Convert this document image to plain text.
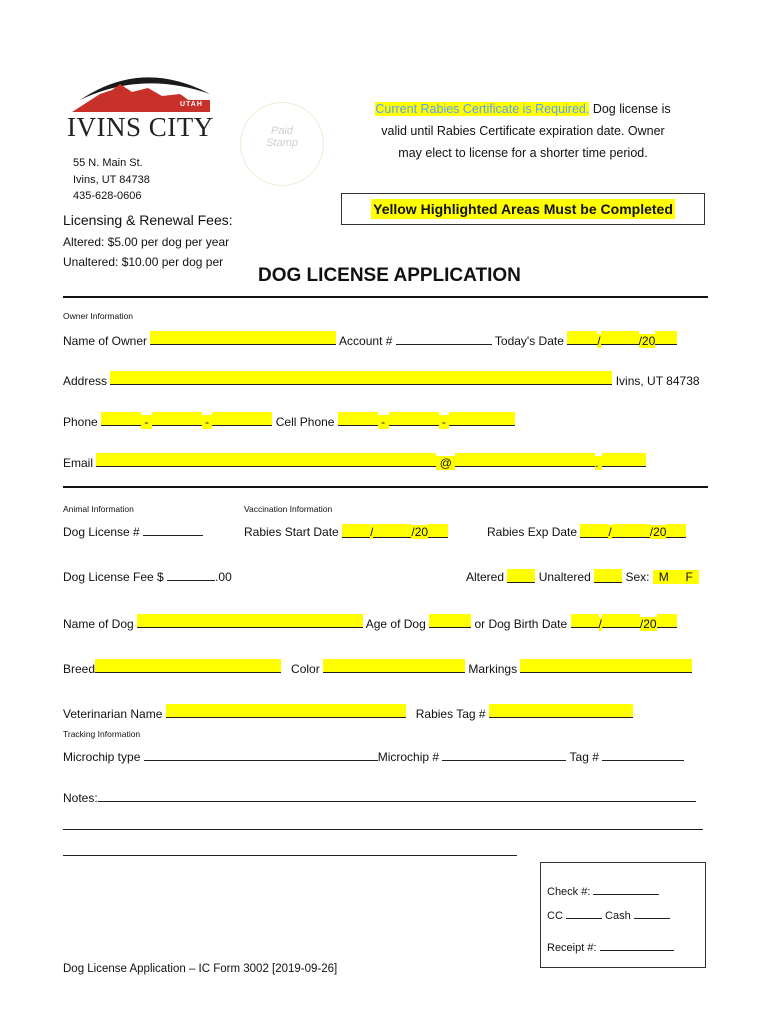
UTAH
IVINS CITY
55 N. Main St.
Ivins, UT 84738
435-628-0606
Paid
Stamp
Current Rabies Certificate is Required. Dog license is
valid until Rabies Certificate expiration date. Owner
may elect to license for a shorter time period.
Yellow Highlighted Areas Must be Completed
Licensing & Renewal Fees:
Altered: $5.00 per dog per year
Unaltered: $10.00 per dog per
DOG LICENSE APPLICATION
Owner Information
Name of Owner	Account #	Today's Date	/	/20
Address	Ivins, UT 84738
Phone	-	-	Cell Phone	-	-
Email	@	.
Animal Information	Vaccination Information
Dog License #	Rabies Start Date	/	/20	Rabies Exp Date	/	/20
Dog License Fee $	.00	Altered	Unaltered	Sex: M F
Name of Dog	Age of Dog	or Dog Birth Date	/	/20
Breed	Color	Markings
Veterinarian Name	Rabies Tag #
Tracking Information
Microchip type	Microchip #	Tag #
Notes:
Check #:
CC	Cash
Receipt #:
Dog License Application – IC Form 3002 [2019-09-26]
